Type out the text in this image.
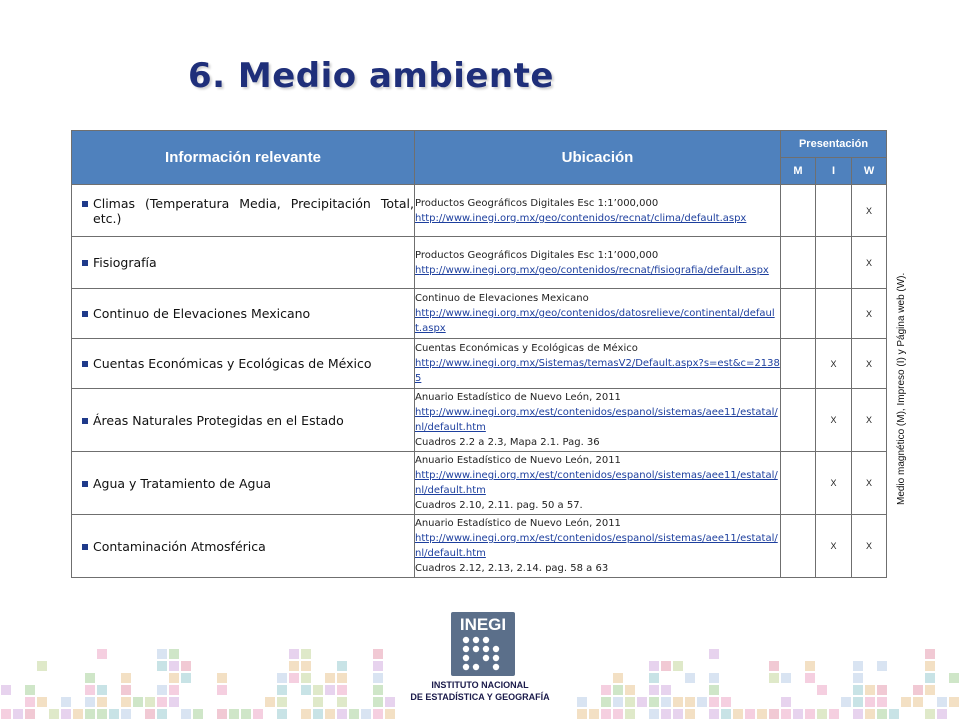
6. Medio ambiente
Información relevante	Ubicación	Presentación		
		M	I	W

Climas (Temperatura Media, Precipitación Total, etc.)	Productos Geográficos Digitales Esc 1:1’000,000
http://www.inegi.org.mx/geo/contenidos/recnat/clima/default.aspx			X

Fisiografía	Productos Geográficos Digitales Esc 1:1’000,000
http://www.inegi.org.mx/geo/contenidos/recnat/fisiografia/default.aspx			X

Continuo de Elevaciones Mexicano	Continuo de Elevaciones Mexicano
http://www.inegi.org.mx/geo/contenidos/datosrelieve/continental/default.aspx			X

Cuentas Económicas y Ecológicas de México	Cuentas Económicas y Ecológicas de México
http://www.inegi.org.mx/Sistemas/temasV2/Default.aspx?s=est&c=21385		X	X

Áreas Naturales Protegidas en el Estado	Anuario Estadístico de Nuevo León, 2011
http://www.inegi.org.mx/est/contenidos/espanol/sistemas/aee11/estatal/nl/default.htm
Cuadros 2.2 a 2.3, Mapa 2.1. Pag. 36		X	X

Agua y Tratamiento de Agua	Anuario Estadístico de Nuevo León, 2011
http://www.inegi.org.mx/est/contenidos/espanol/sistemas/aee11/estatal/nl/default.htm
Cuadros 2.10, 2.11. pag. 50 a 57.		X	X

Contaminación Atmosférica	Anuario Estadístico de Nuevo León, 2011
http://www.inegi.org.mx/est/contenidos/espanol/sistemas/aee11/estatal/nl/default.htm
Cuadros 2.12, 2.13, 2.14. pag. 58 a 63		X	X
Medio magnético (M), Impreso (I) y Página web (W).
INEGI
INSTITUTO NACIONAL
DE ESTADÍSTICA Y GEOGRAFÍA
